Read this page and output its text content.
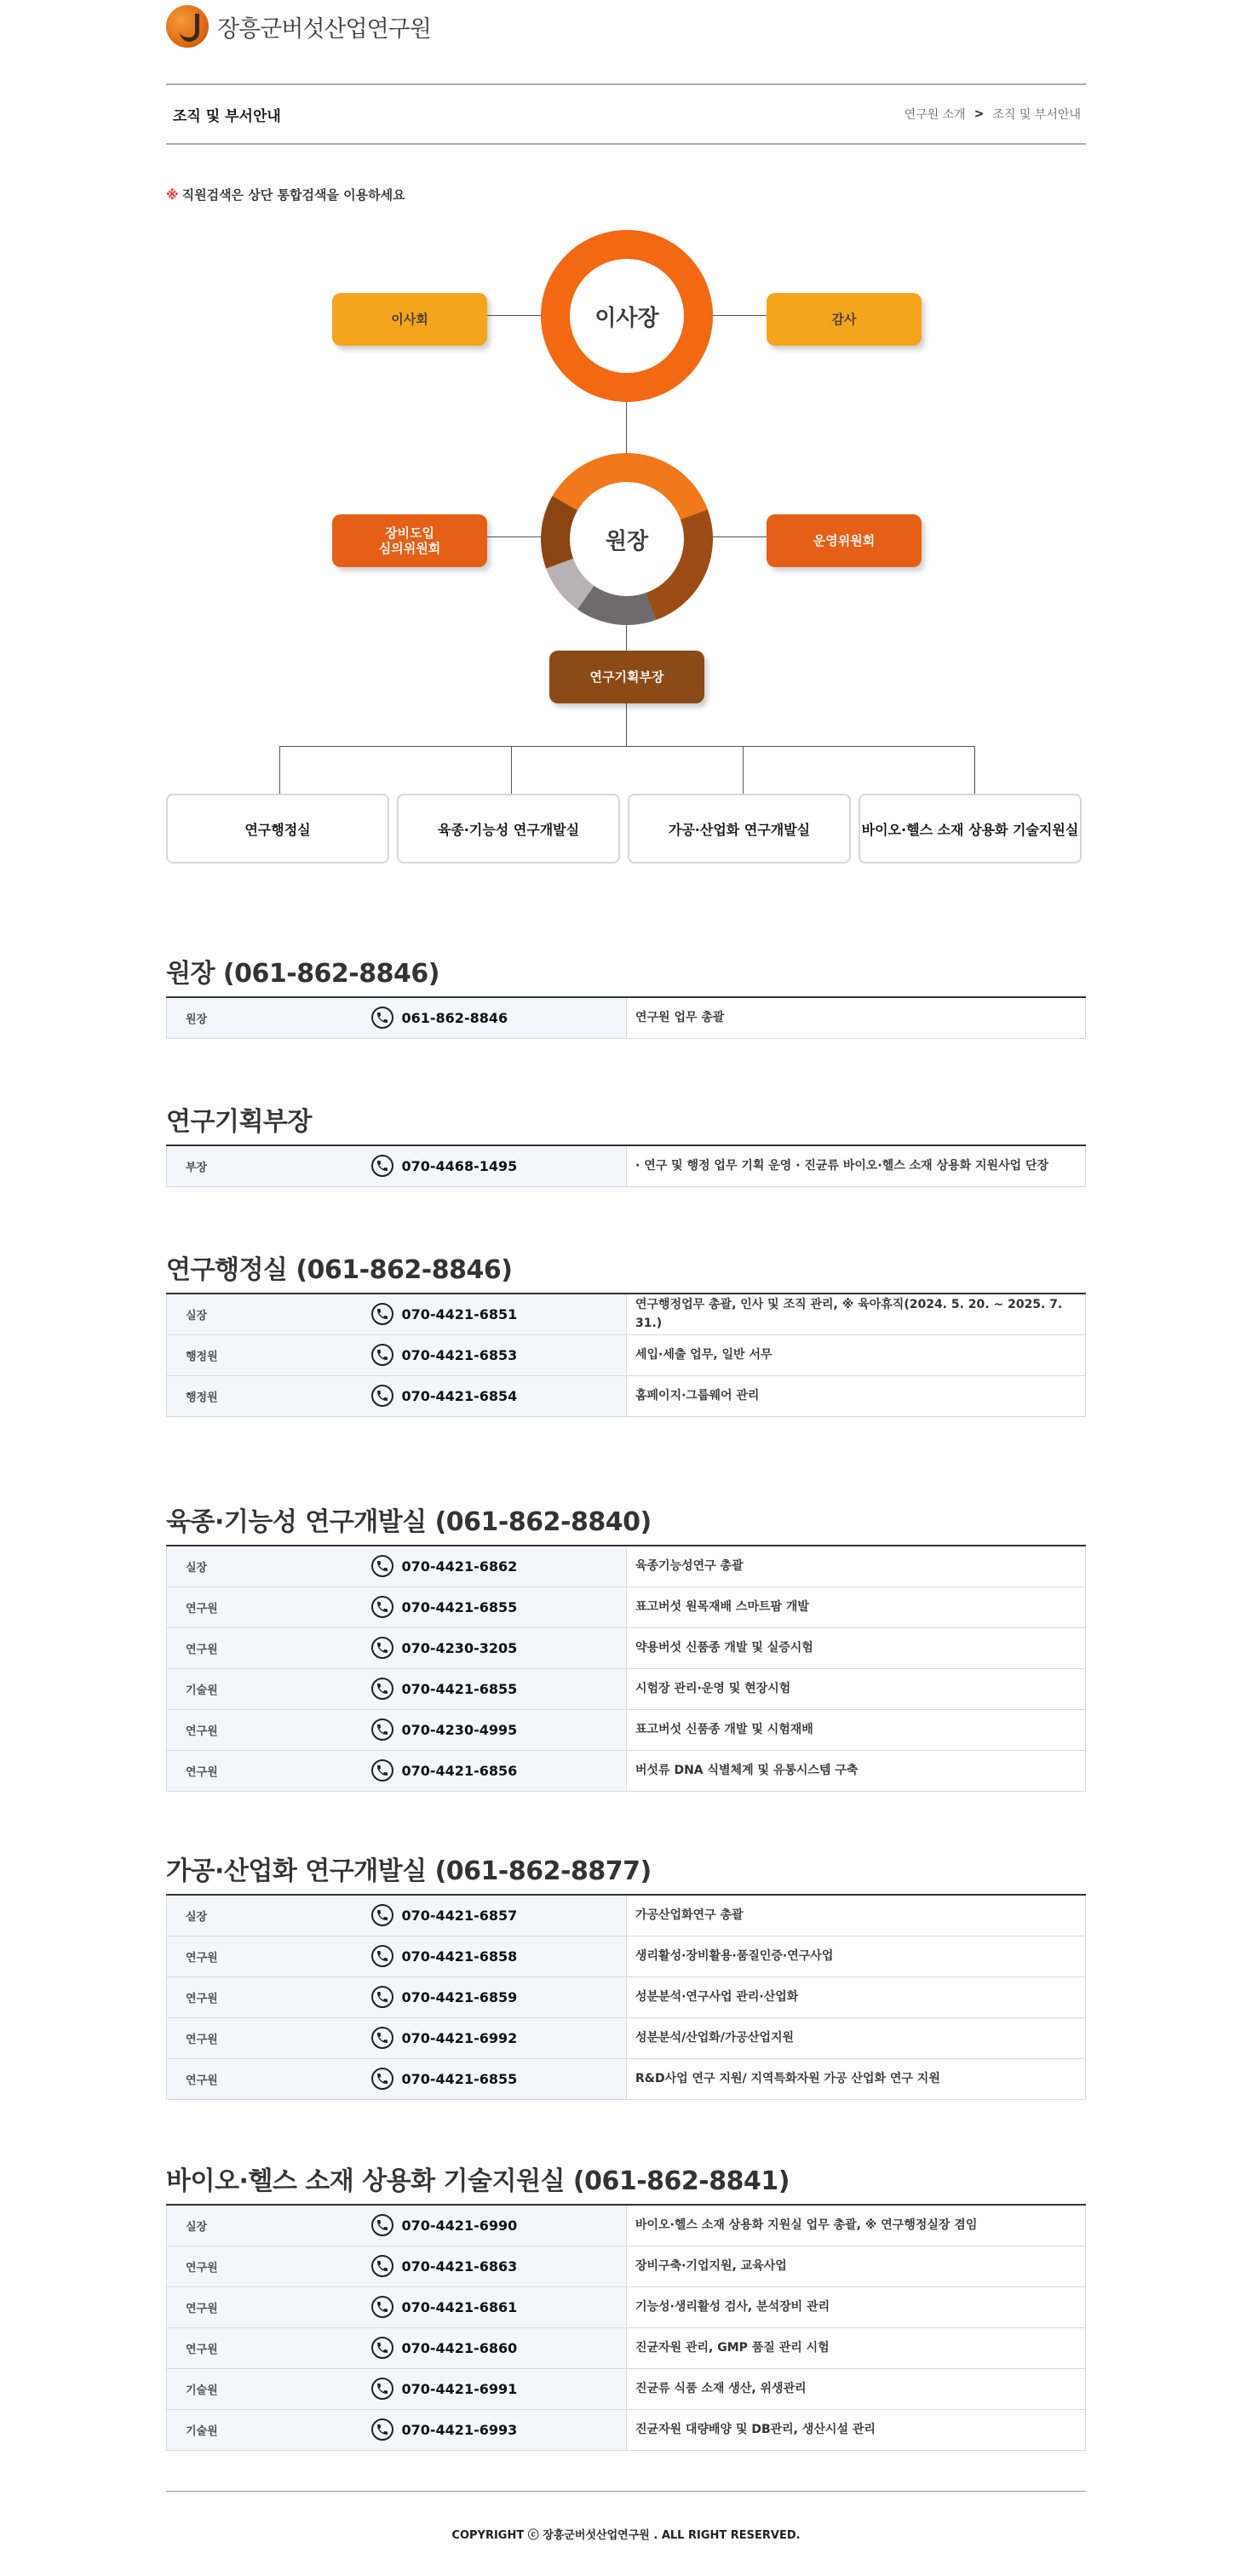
장흥군버섯산업연구원
조직 및 부서안내	연구원 소개 > 조직 및 부서안내
※ 직원검색은 상단 통합검색을 이용하세요
이사장
이사회	감사
원장
장비도입
심의위원회	운영위원회
연구기획부장
연구행정실	육종·기능성 연구개발실	가공·산업화 연구개발실	바이오·헬스 소재 상용화 기술지원실
원장 (061-862-8846)
원장	061-862-8846	연구원 업무 총괄
연구기획부장
부장	070-4468-1495	· 연구 및 행정 업무 기획 운영 · 진균류 바이오·헬스 소재 상용화 지원사업 단장
연구행정실 (061-862-8846)
실장	070-4421-6851	연구행정업무 총괄, 인사 및 조직 관리, ※ 육아휴직(2024. 5. 20. ~ 2025. 7. 31.)
행정원	070-4421-6853	세입·세출 업무, 일반 서무
행정원	070-4421-6854	홈페이지·그룹웨어 관리
육종·기능성 연구개발실 (061-862-8840)
실장	070-4421-6862	육종기능성연구 총괄
연구원	070-4421-6855	표고버섯 원목재배 스마트팜 개발
연구원	070-4230-3205	약용버섯 신품종 개발 및 실증시험
기술원	070-4421-6855	시험장 관리·운영 및 현장시험
연구원	070-4230-4995	표고버섯 신품종 개발 및 시험재배
연구원	070-4421-6856	버섯류 DNA 식별체계 및 유통시스템 구축
가공·산업화 연구개발실 (061-862-8877)
실장	070-4421-6857	가공산업화연구 총괄
연구원	070-4421-6858	생리활성·장비활용·품질인증·연구사업
연구원	070-4421-6859	성분분석·연구사업 관리·산업화
연구원	070-4421-6992	성분분석/산업화/가공산업지원
연구원	070-4421-6855	R&D사업 연구 지원/ 지역특화자원 가공 산업화 연구 지원
바이오·헬스 소재 상용화 기술지원실 (061-862-8841)
실장	070-4421-6990	바이오·헬스 소재 상용화 지원실 업무 총괄, ※ 연구행정실장 겸임
연구원	070-4421-6863	장비구축·기업지원, 교육사업
연구원	070-4421-6861	기능성·생리활성 검사, 분석장비 관리
연구원	070-4421-6860	진균자원 관리, GMP 품질 관리 시험
기술원	070-4421-6991	진균류 식품 소재 생산, 위생관리
기술원	070-4421-6993	진균자원 대량배양 및 DB관리, 생산시설 관리
COPYRIGHT ⓒ 장흥군버섯산업연구원 . ALL RIGHT RESERVED.
